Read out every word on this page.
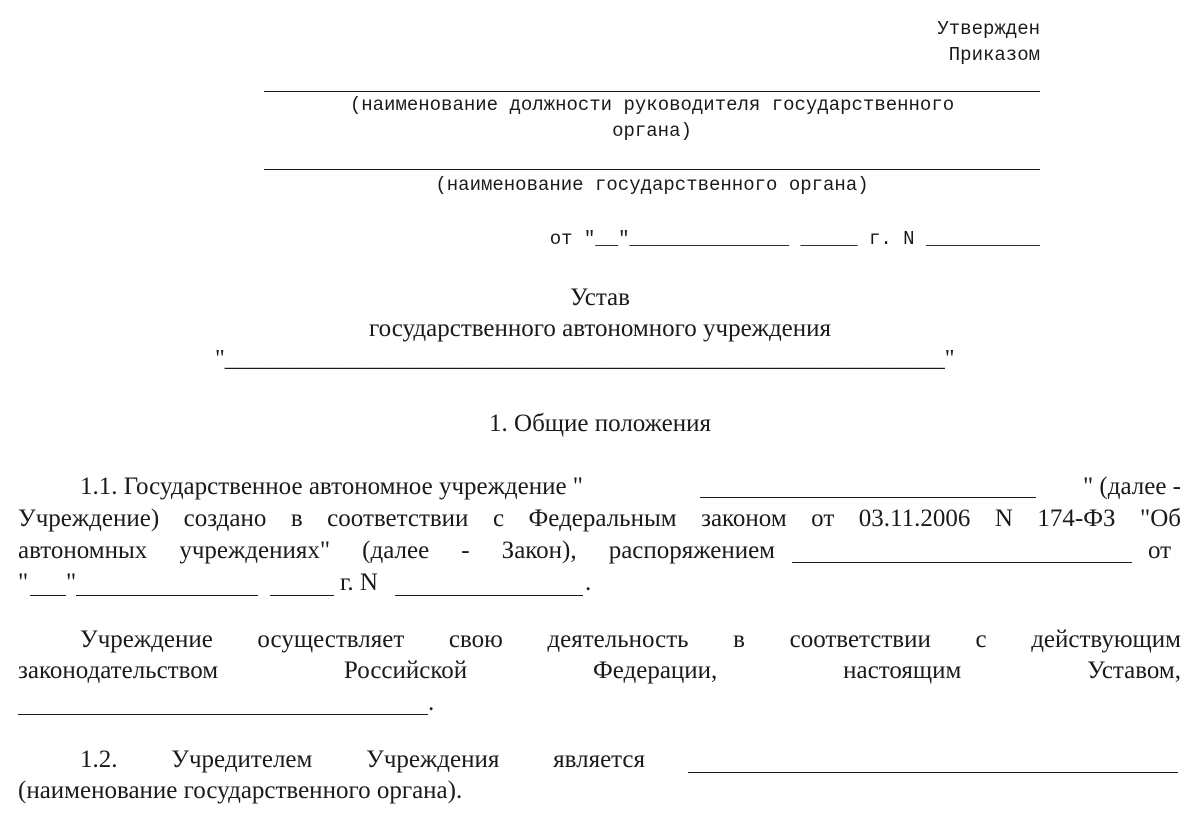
Утвержден
Приказом
(наименование должности руководителя государственного
органа)
(наименование государственного органа)
от "__"______________ _____ г. N __________
Устав
государственного автономного учреждения
"____________________________________________________________"
1. Общие положения
1.1. Государственное автономное учреждение "	" (далее -
Учреждение) создано в соответствии с Федеральным законом от 03.11.2006 N 174-ФЗ "Об
автономных учреждениях" (далее - Закон), распоряжением	от
" "	г. N	.
Учреждение осуществляет свою деятельность в соответствии с действующим
законодательством Российской Федерации, настоящим Уставом,
.
1.2. Учредителем Учреждения является
(наименование государственного органа).
